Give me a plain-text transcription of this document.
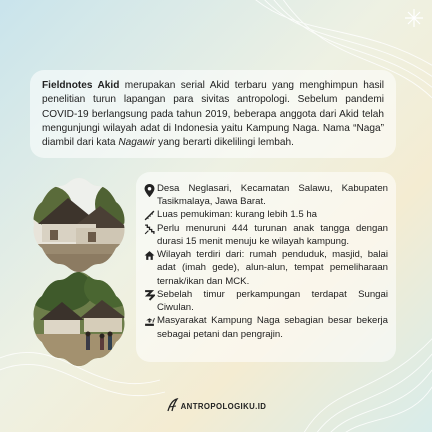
Fieldnotes Akid merupakan serial Akid terbaru yang menghimpun hasil penelitian turun lapangan para sivitas antropologi. Sebelum pandemi COVID-19 berlangsung pada tahun 2019, beberapa anggota dari Akid telah mengunjungi wilayah adat di Indonesia yaitu Kampung Naga. Nama “Naga” diambil dari kata Nagawir yang berarti dikelilingi lembah.
Desa Neglasari, Kecamatan Salawu, Kabupaten Tasikmalaya, Jawa Barat.
Luas pemukiman: kurang lebih 1.5 ha
Perlu menuruni 444 turunan anak tangga dengan durasi 15 menit menuju ke wilayah kampung.
Wilayah terdiri dari: rumah penduduk, masjid, balai adat (imah gede), alun-alun, tempat pemeliharaan ternak/ikan dan MCK.
Sebelah timur perkampungan terdapat Sungai Ciwulan.
Masyarakat Kampung Naga sebagian besar bekerja sebagai petani dan pengrajin.
ANTROPOLOGIKU.ID
